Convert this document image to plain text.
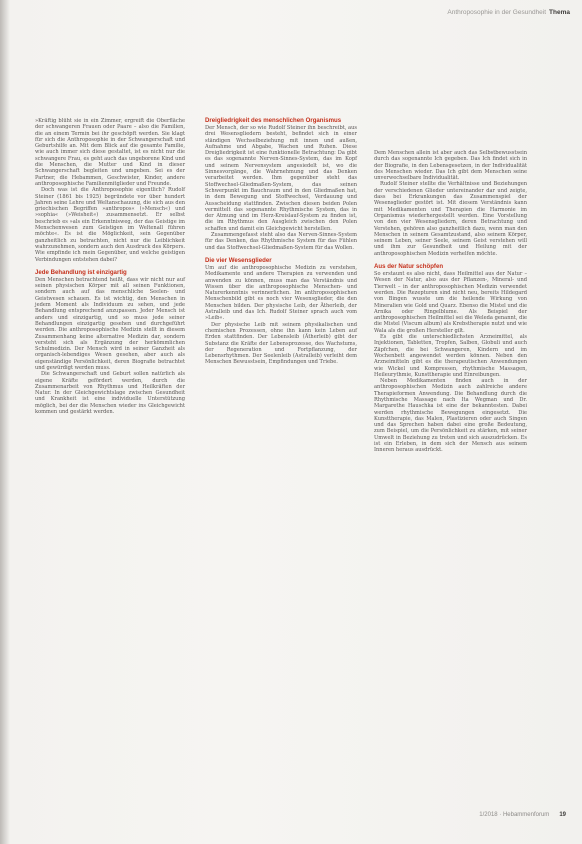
Anthroposophie in der Gesundheit Thema

»Kräftig blüht sie in ein Zimmer, ergreift die Oberfläche der schwangeren Frauen oder Paare – also die Familien, die an einem Termin bei ihr geschöpft werden. Sie klagt für sich die Anthroposophie in der Schwangerschaft und Geburtshilfe an. Mit dem Blick auf die gesamte Familie, wie auch immer sich diese gestaltet, ist es nicht nur die schwangere Frau, es geht auch das ungeborene Kind und die Menschen, die Mutter und Kind in dieser Schwangerschaft begleiten und umgeben. Sei es der Partner, die Hebammen, Geschwister, Kinder, andere anthroposophische Familienmitglieder und Freunde.

Doch was ist die Anthroposophie eigentlich? Rudolf Steiner (1861 bis 1925) begründete vor über hundert Jahren seine Lehre und Weltanschauung, die sich aus den griechischen Begriffen »anthropos« (»Mensch«) und »sophia« (»Weisheit«) zusammensetzt. Er selbst beschrieb es »als ein Erkenntnisweg, der das Geistige im Menschenwesen zum Geistigen im Weltenall führen möchte«. Es ist die Möglichkeit, sein Gegenüber ganzheitlich zu betrachten, nicht nur die Leiblichkeit wahrzunehmen, sondern auch den Ausdruck des Körpers. Wie empfinde ich mein Gegenüber, und welche geistigen Verbindungen entstehen dabei?

Jede Behandlung ist einzigartig

Den Menschen betrachtend heißt, dass wir nicht nur auf seinen physischen Körper mit all seinen Funktionen, sondern auch auf das menschliche Seelen- und Geistwesen schauen. Es ist wichtig, den Menschen in jedem Moment als Individuum zu sehen, und jede Behandlung entsprechend anzupassen. Jeder Mensch ist anders und einzigartig, und so muss jede seiner Behandlungen einzigartig gesehen und durchgeführt werden. Die anthroposophische Medizin stellt in diesem Zusammenhang keine alternative Medizin dar, sondern versteht sich als Ergänzung der herkömmlichen Schulmedizin. Der Mensch wird in seiner Ganzheit als organisch-lebendiges Wesen gesehen, aber auch als eigenständige Persönlichkeit, deren Biografie betrachtet und gewürdigt werden muss.

Die Schwangerschaft und Geburt sollen natürlich als eigene Kräfte gefördert werden, durch die Zusammenarbeit von Rhythmus und Heilkräften der Natur. In der Gleichgewichtslage zwischen Gesundheit und Krankheit ist eine individuelle Unterstützung möglich, bei der die Menschen wieder ins Gleichgewicht kommen und gestärkt werden.

Dreigliedrigkeit des menschlichen Organismus

Der Mensch, der so wie Rudolf Steiner ihn beschreibt, aus drei Wesensgliedern besteht, befindet sich in einer ständigen Wechselbeziehung mit innen und außen, Aufnahme und Abgabe, Wachen und Ruhen. Diese Dreigliedrigkeit ist eine funktionelle Betrachtung: Da gibt es das sogenannte Nerven-Sinnes-System, das im Kopf und seinem Nervensystem angesiedelt ist, wo die Sinnesvorgänge, die Wahrnehmung und das Denken verarbeitet werden. Ihm gegenüber steht das Stoffwechsel-Gliedmaßen-System, das seinen Schwerpunkt im Bauchraum und in den Gliedmaßen hat, in dem Bewegung und Stoffwechsel, Verdauung und Ausscheidung stattfinden. Zwischen diesen beiden Polen vermittelt das sogenannte Rhythmische System, das in der Atmung und im Herz-Kreislauf-System zu finden ist, die im Rhythmus den Ausgleich zwischen den Polen schaffen und damit ein Gleichgewicht herstellen.

Zusammengefasst steht also das Nerven-Sinnes-System für das Denken, das Rhythmische System für das Fühlen und das Stoffwechsel-Gliedmaßen-System für das Wollen.

Die vier Wesensglieder

Um auf die anthroposophische Medizin zu verstehen, Medikamente und andere Therapien zu verwenden und anwenden zu können, muss man das Verständnis und Wissen über die anthroposophische Menschen- und Naturerkenntnis verinnerlichen. Im anthroposophischen Menschenbild gibt es noch vier Wesensglieder, die den Menschen bilden. Der physische Leib, der Ätherleib, der Astralleib und das Ich. Rudolf Steiner sprach auch vom »Leib«.

Der physische Leib mit seinem physikalischen und chemischen Prozessen, ohne ihn kann kein Leben auf Erden stattfinden. Der Lebensleib (Ätherleib) gibt der Substanz die Kräfte der Lebensprozesse, des Wachstums, der Regeneration und Fortpflanzung, der Lebensrhythmen. Der Seelenleib (Astralleib) verleiht dem Menschen Bewusstsein, Empfindungen und Triebe.

Dem Menschen allein ist aber auch das Selbstbewusstsein durch das sogenannte Ich gegeben. Das Ich findet sich in der Biografie, in den Lebensgesetzen, in der Individualität des Menschen wieder. Das Ich gibt dem Menschen seine unverwechselbare Individualität.

Rudolf Steiner stellte die Verhältnisse und Beziehungen der verschiedenen Glieder untereinander dar und zeigte, dass bei Erkrankungen das Zusammenspiel der Wesensglieder gestört ist. Mit diesem Verständnis kann mit Medikamenten und Therapien die Harmonie im Organismus wiederhergestellt werden. Eine Vorstellung von den vier Wesensgliedern, deren Betrachtung und Verstehen, gehören also ganzheitlich dazu, wenn man den Menschen in seinem Gesamtzustand, also seinem Körper, seinem Leben, seiner Seele, seinem Geist verstehen will und ihm zur Gesundheit und Heilung mit der anthroposophischen Medizin verhelfen möchte.

Aus der Natur schöpfen

So erstaunt es also nicht, dass Heilmittel aus der Natur – Wesen der Natur, also aus der Pflanzen-, Mineral- und Tierwelt – in der anthroposophischen Medizin verwendet werden. Die Rezepturen sind nicht neu, bereits Hildegard von Bingen wusste um die heilende Wirkung von Mineralien wie Gold und Quarz. Ebenso die Mistel und die Arnika oder Ringelblume. Als Beispiel der anthroposophischen Heilmittel sei die Weleda genannt, die die Mistel (Viscum album) als Krebstherapie nutzt und wie Wala als die großen Hersteller gilt.

Es gibt die unterschiedlichsten Arzneimittel, als Injektionen, Tabletten, Tropfen, Salben, Globuli und auch Zäpfchen, die bei Schwangeren, Kindern und im Wochenbett angewendet werden können. Neben den Arzneimitteln gibt es die therapeutischen Anwendungen wie Wickel und Kompressen, rhythmische Massagen, Heileurythmie, Kunsttherapie und Einreibungen.

Neben Medikamenten finden auch in der anthroposophischen Medizin auch zahlreiche andere Therapieformen Anwendung. Die Behandlung durch die Rhythmische Massage nach Ita Wegman und Dr. Margarethe Hauschka ist eine der bekanntesten. Dabei werden rhythmische Bewegungen eingesetzt. Die Kunsttherapie, das Malen, Plastizieren oder auch Singen und das Sprechen haben dabei eine große Bedeutung, zum Beispiel, um die Persönlichkeit zu stärken, mit seiner Umwelt in Beziehung zu treten und sich auszudrücken. Es ist ein Erleben, in dem sich der Mensch aus seinem Inneren heraus ausdrückt.

1/2018 · Hebammenforum 19
